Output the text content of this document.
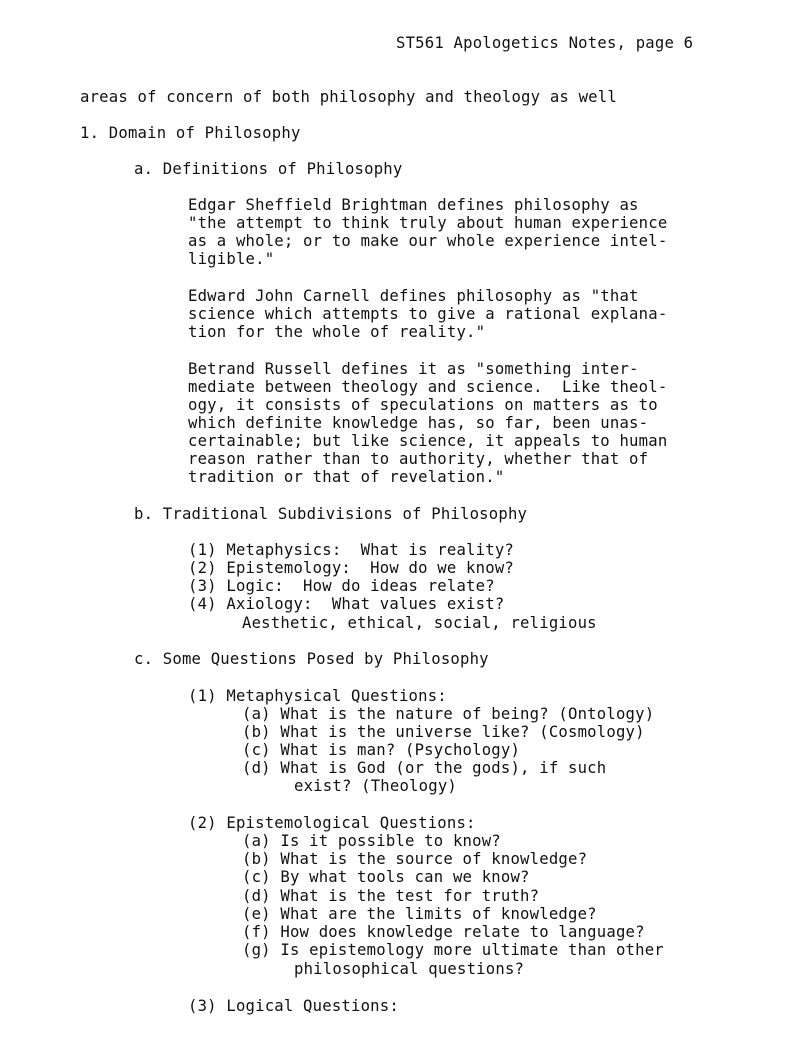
ST561 Apologetics Notes, page 6

areas of concern of both philosophy and theology as well

1. Domain of Philosophy

a. Definitions of Philosophy

Edgar Sheffield Brightman defines philosophy as

"the attempt to think truly about human experience

as a whole; or to make our whole experience intel-

ligible."

Edward John Carnell defines philosophy as "that

science which attempts to give a rational explana-

tion for the whole of reality."

Betrand Russell defines it as "something inter-

mediate between theology and science.  Like theol-

ogy, it consists of speculations on matters as to

which definite knowledge has, so far, been unas-

certainable; but like science, it appeals to human

reason rather than to authority, whether that of

tradition or that of revelation."

b. Traditional Subdivisions of Philosophy

(1) Metaphysics:  What is reality?

(2) Epistemology:  How do we know?

(3) Logic:  How do ideas relate?

(4) Axiology:  What values exist?

Aesthetic, ethical, social, religious

c. Some Questions Posed by Philosophy

(1) Metaphysical Questions:

(a) What is the nature of being? (Ontology)

(b) What is the universe like? (Cosmology)

(c) What is man? (Psychology)

(d) What is God (or the gods), if such

exist? (Theology)

(2) Epistemological Questions:

(a) Is it possible to know?

(b) What is the source of knowledge?

(c) By what tools can we know?

(d) What is the test for truth?

(e) What are the limits of knowledge?

(f) How does knowledge relate to language?

(g) Is epistemology more ultimate than other

philosophical questions?

(3) Logical Questions:
